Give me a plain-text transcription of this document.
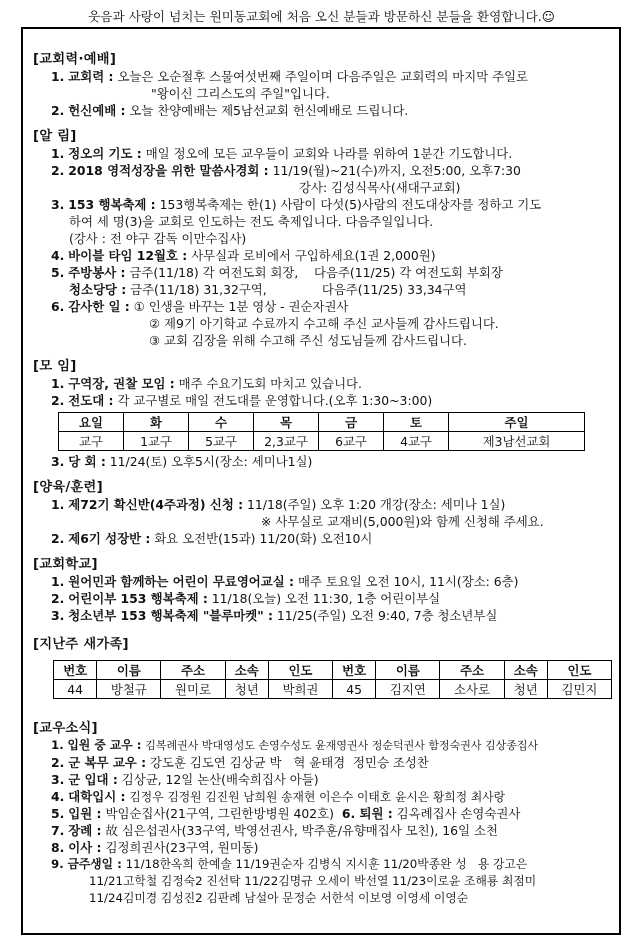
웃음과 사랑이 넘치는 원미동교회에 처음 오신 분들과 방문하신 분들을 환영합니다.☺
[교회력·예배]
1. 교회력 : 오늘은 오순절후 스물여섯번째 주일이며 다음주일은 교회력의 마지막 주일로
"왕이신 그리스도의 주일"입니다.
2. 헌신예배 : 오늘 찬양예배는 제5남선교회 헌신예배로 드립니다.
[알 림]
1. 정오의 기도 : 매일 정오에 모든 교우들이 교회와 나라를 위하여 1분간 기도합니다.
2. 2018 영적성장을 위한 말씀사경회 : 11/19(월)~21(수)까지, 오전5:00, 오후7:30
강사: 김성식목사(새대구교회)
3. 153 행복축제 : 153행복축제는 한(1) 사람이 다섯(5)사람의 전도대상자를 정하고 기도
하여 세 명(3)을 교회로 인도하는 전도 축제입니다. 다음주일입니다.
(강사 : 전 야구 감독 이만수집사)
4. 바이블 타임 12월호 : 사무실과 로비에서 구입하세요(1권 2,000원)
5. 주방봉사 : 금주(11/18) 각 여전도회 회장,    다음주(11/25) 각 여전도회 부회장
청소당당 : 금주(11/18) 31,32구역,              다음주(11/25) 33,34구역
6. 감사한 일 : ① 인생을 바꾸는 1분 영상 - 권순자권사
② 제9기 아기학교 수료까지 수고해 주신 교사들께 감사드립니다.
③ 교회 김장을 위해 수고해 주신 성도님들께 감사드립니다.
[모 임]
1. 구역장, 권찰 모임 : 매주 수요기도회 마치고 있습니다.
2. 전도대 : 각 교구별로 매일 전도대를 운영합니다.(오후 1:30~3:00)
요일	화	수	목	금	토	주일
교구	1교구	5교구	2,3교구	6교구	4교구	제3남선교회
3. 당 회 : 11/24(토) 오후5시(장소: 세미나1실)
[양육/훈련]
1. 제72기 확신반(4주과정) 신청 : 11/18(주일) 오후 1:20 개강(장소: 세미나 1실)
※ 사무실로 교재비(5,000원)와 함께 신청해 주세요.
2. 제6기 성장반 : 화요 오전반(15과) 11/20(화) 오전10시
[교회학교]
1. 원어민과 함께하는 어린이 무료영어교실 : 매주 토요일 오전 10시, 11시(장소: 6층)
2. 어린이부 153 행복축제 : 11/18(오늘) 오전 11:30, 1층 어린이부실
3. 청소년부 153 행복축제 "블루마켓" : 11/25(주일) 오전 9:40, 7층 청소년부실
[지난주 새가족]
번호	이름	주소	소속	인도	번호	이름	주소	소속	인도
44	방철규	원미로	청년	박희권	45	김지연	소사로	청년	김민지
[교우소식]
1. 입원 중 교우 : 김복례권사 박대영성도 손영수성도 윤재영권사 정순덕권사 함정숙권사 김상종집사
2. 군 복무 교우 : 강도훈 김도연 김상균 박   혁 윤태경  정민승 조성찬
3. 군 입대 : 김상균, 12일 논산(배숙희집사 아들)
4. 대학입시 : 김정우 김정원 김진원 남희원 송재현 이은수 이태호 윤시은 황희정 최사랑
5. 입원 : 박임순집사(21구역, 그린한방병원 402호) 6. 퇴원 : 김옥례집사 손영숙권사
7. 장례 : 故 심은섭권사(33구역, 박영선권사, 박주훈/유향매집사 모친), 16일 소천
8. 이사 : 김정희권사(23구역, 원미동)
9. 금주생일 : 11/18한옥희 한예솔 11/19권순자 김병식 지시훈 11/20박종완 성   용 강고은
11/21고학철 김정숙2 진선탁 11/22김명규 오세이 박선열 11/23이로윤 조해룡 최점미
11/24김미경 김성진2 김판례 남설아 문정순 서한석 이보영 이영세 이영순
